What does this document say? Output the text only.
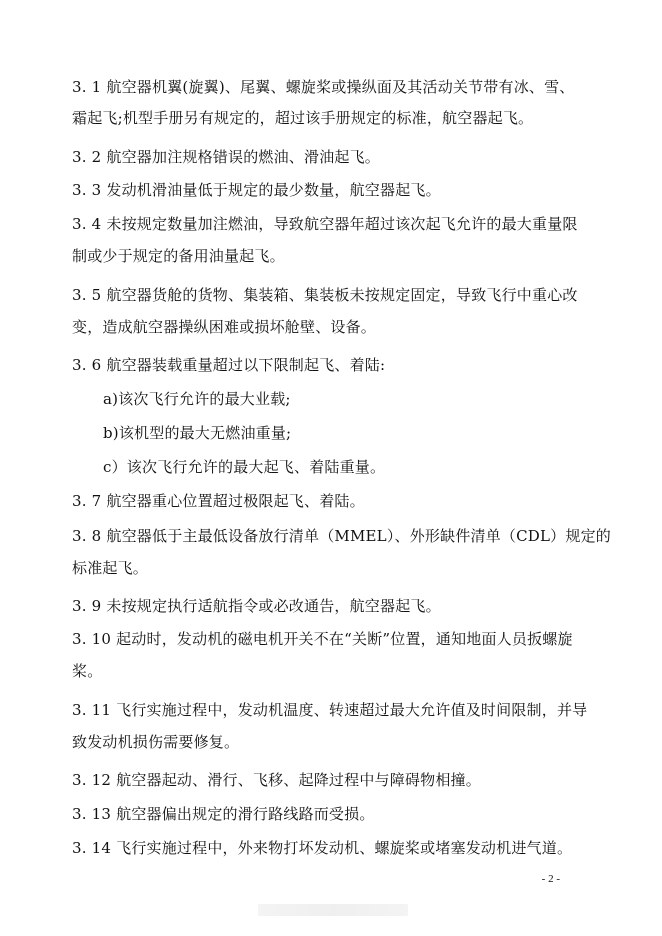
3. 1 航空器机翼(旋翼)、尾翼、螺旋桨或操纵面及其活动关节带有冰、雪、
霜起飞;机型手册另有规定的，超过该手册规定的标准，航空器起飞。
3. 2 航空器加注规格错误的燃油、滑油起飞。
3. 3 发动机滑油量低于规定的最少数量，航空器起飞。
3. 4 未按规定数量加注燃油，导致航空器年超过该次起飞允许的最大重量限
制或少于规定的备用油量起飞。
3. 5 航空器货舱的货物、集装箱、集装板未按规定固定，导致飞行中重心改
变，造成航空器操纵困难或损坏舱壁、设备。
3. 6 航空器装载重量超过以下限制起飞、着陆:
a)该次飞行允许的最大业载;
b)该机型的最大无燃油重量;
c）该次飞行允许的最大起飞、着陆重量。
3. 7 航空器重心位置超过极限起飞、着陆。
3. 8 航空器低于主最低设备放行清单（MMEL）、外形缺件清单（CDL）规定的
标准起飞。
3. 9 未按规定执行适航指令或必改通告，航空器起飞。
3. 10 起动时，发动机的磁电机开关不在“关断”位置，通知地面人员扳螺旋
桨。
3. 11 飞行实施过程中，发动机温度、转速超过最大允许值及时间限制，并导
致发动机损伤需要修复。
3. 12 航空器起动、滑行、飞移、起降过程中与障碍物相撞。
3. 13 航空器偏出规定的滑行路线路而受损。
3. 14 飞行实施过程中，外来物打坏发动机、螺旋桨或堵塞发动机进气道。
- 2 -
